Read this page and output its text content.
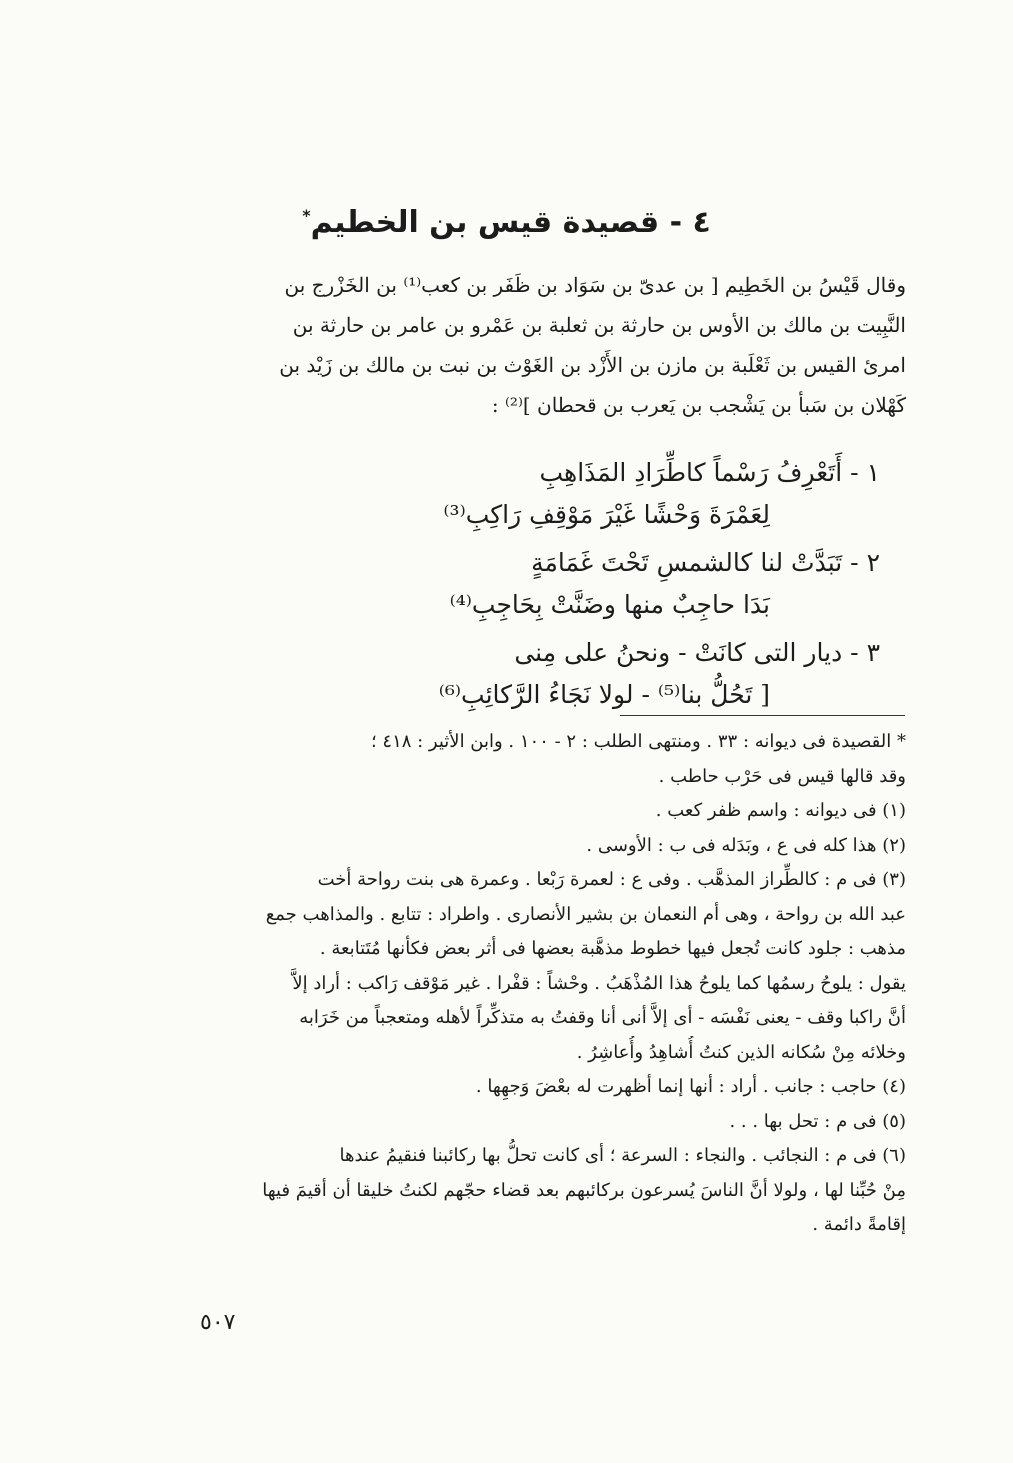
٤ - قصيدة قيس بن الخطيم*
وقال قَيْسُ بن الخَطِيم [ بن عدىّ بن سَوَاد بن ظَفَر بن كعب⁽¹⁾ بن الخَزْرج بن
النَّبِيت بن مالك بن الأوس بن حارثة بن ثعلبة بن عَمْرو بن عامر بن حارثة بن
امرئ القيس بن ثَعْلَبة بن مازن بن الأَزْد بن الغَوْث بن نبت بن مالك بن زَيْد بن
كَهْلان بن سَبأ بن يَشْجب بن يَعرب بن قحطان ]⁽²⁾ :
١ - أَتَعْرِفُ رَسْماً كاطِّرَادِ المَذَاهِبِ
لِعَمْرَةَ وَحْشًا غَيْرَ مَوْقِفِ رَاكِبِ⁽³⁾
٢ - تَبَدَّتْ لنا كالشمسِ تَحْتَ غَمَامَةٍ
بَدَا حاجِبٌ منها وضَنَّتْ بِحَاجِبِ⁽⁴⁾
٣ - ديار التى كانَتْ - ونحنُ على مِنى
[ تَحُلُّ بنا⁽⁵⁾ - لولا نَجَاءُ الرَّكائِبِ⁽⁶⁾
* القصيدة فى ديوانه : ٣٣ . ومنتهى الطلب : ٢ - ١٠٠ . وابن الأثير : ٤١٨ ؛
وقد قالها قيس فى حَرْب حاطب .
(١) فى ديوانه : واسم ظفر كعب .
(٢) هذا كله فى ع ، وبَدَله فى ب : الأوسى .
(٣) فى م : كالطِّراز المذهَّب . وفى ع : لعمرة رَبْعا . وعمرة هى بنت رواحة أخت
عبد الله بن رواحة ، وهى أم النعمان بن بشير الأنصارى . واطراد : تتابع . والمذاهب جمع
مذهب : جلود كانت تُجعل فيها خطوط مذهَّبة بعضها فى أثر بعض فكأنها مُتَتابعة .
يقول : يلوحُ رسمُها كما يلوحُ هذا المُذْهَبُ . وحْشاً : قفْرا . غير مَوْقف رَاكب : أراد إلاَّ
أنَّ راكبا وقف - يعنى نَفْسَه - أى إلاَّ أنى أنا وقفتُ به متذكِّراً لأهله ومتعجباً من خَرَابه
وخلائه مِنْ سُكانه الذين كنتُ أُشاهِدُ وأُعاشِرُ .
(٤) حاجب : جانب . أراد : أنها إنما أظهرت له بعْضَ وَجهِها .
(٥) فى م : تحل بها . . .
(٦) فى م : النجائب . والنجاء : السرعة ؛ أى كانت تحلُّ بها ركائبنا فنقيمُ عندها
مِنْ حُبِّنا لها ، ولولا أنَّ الناسَ يُسرعون بركائبهم بعد قضاء حجّهم لكنتُ خليقا أن أقيمَ فيها
إقامةً دائمة .
٥٠٧
